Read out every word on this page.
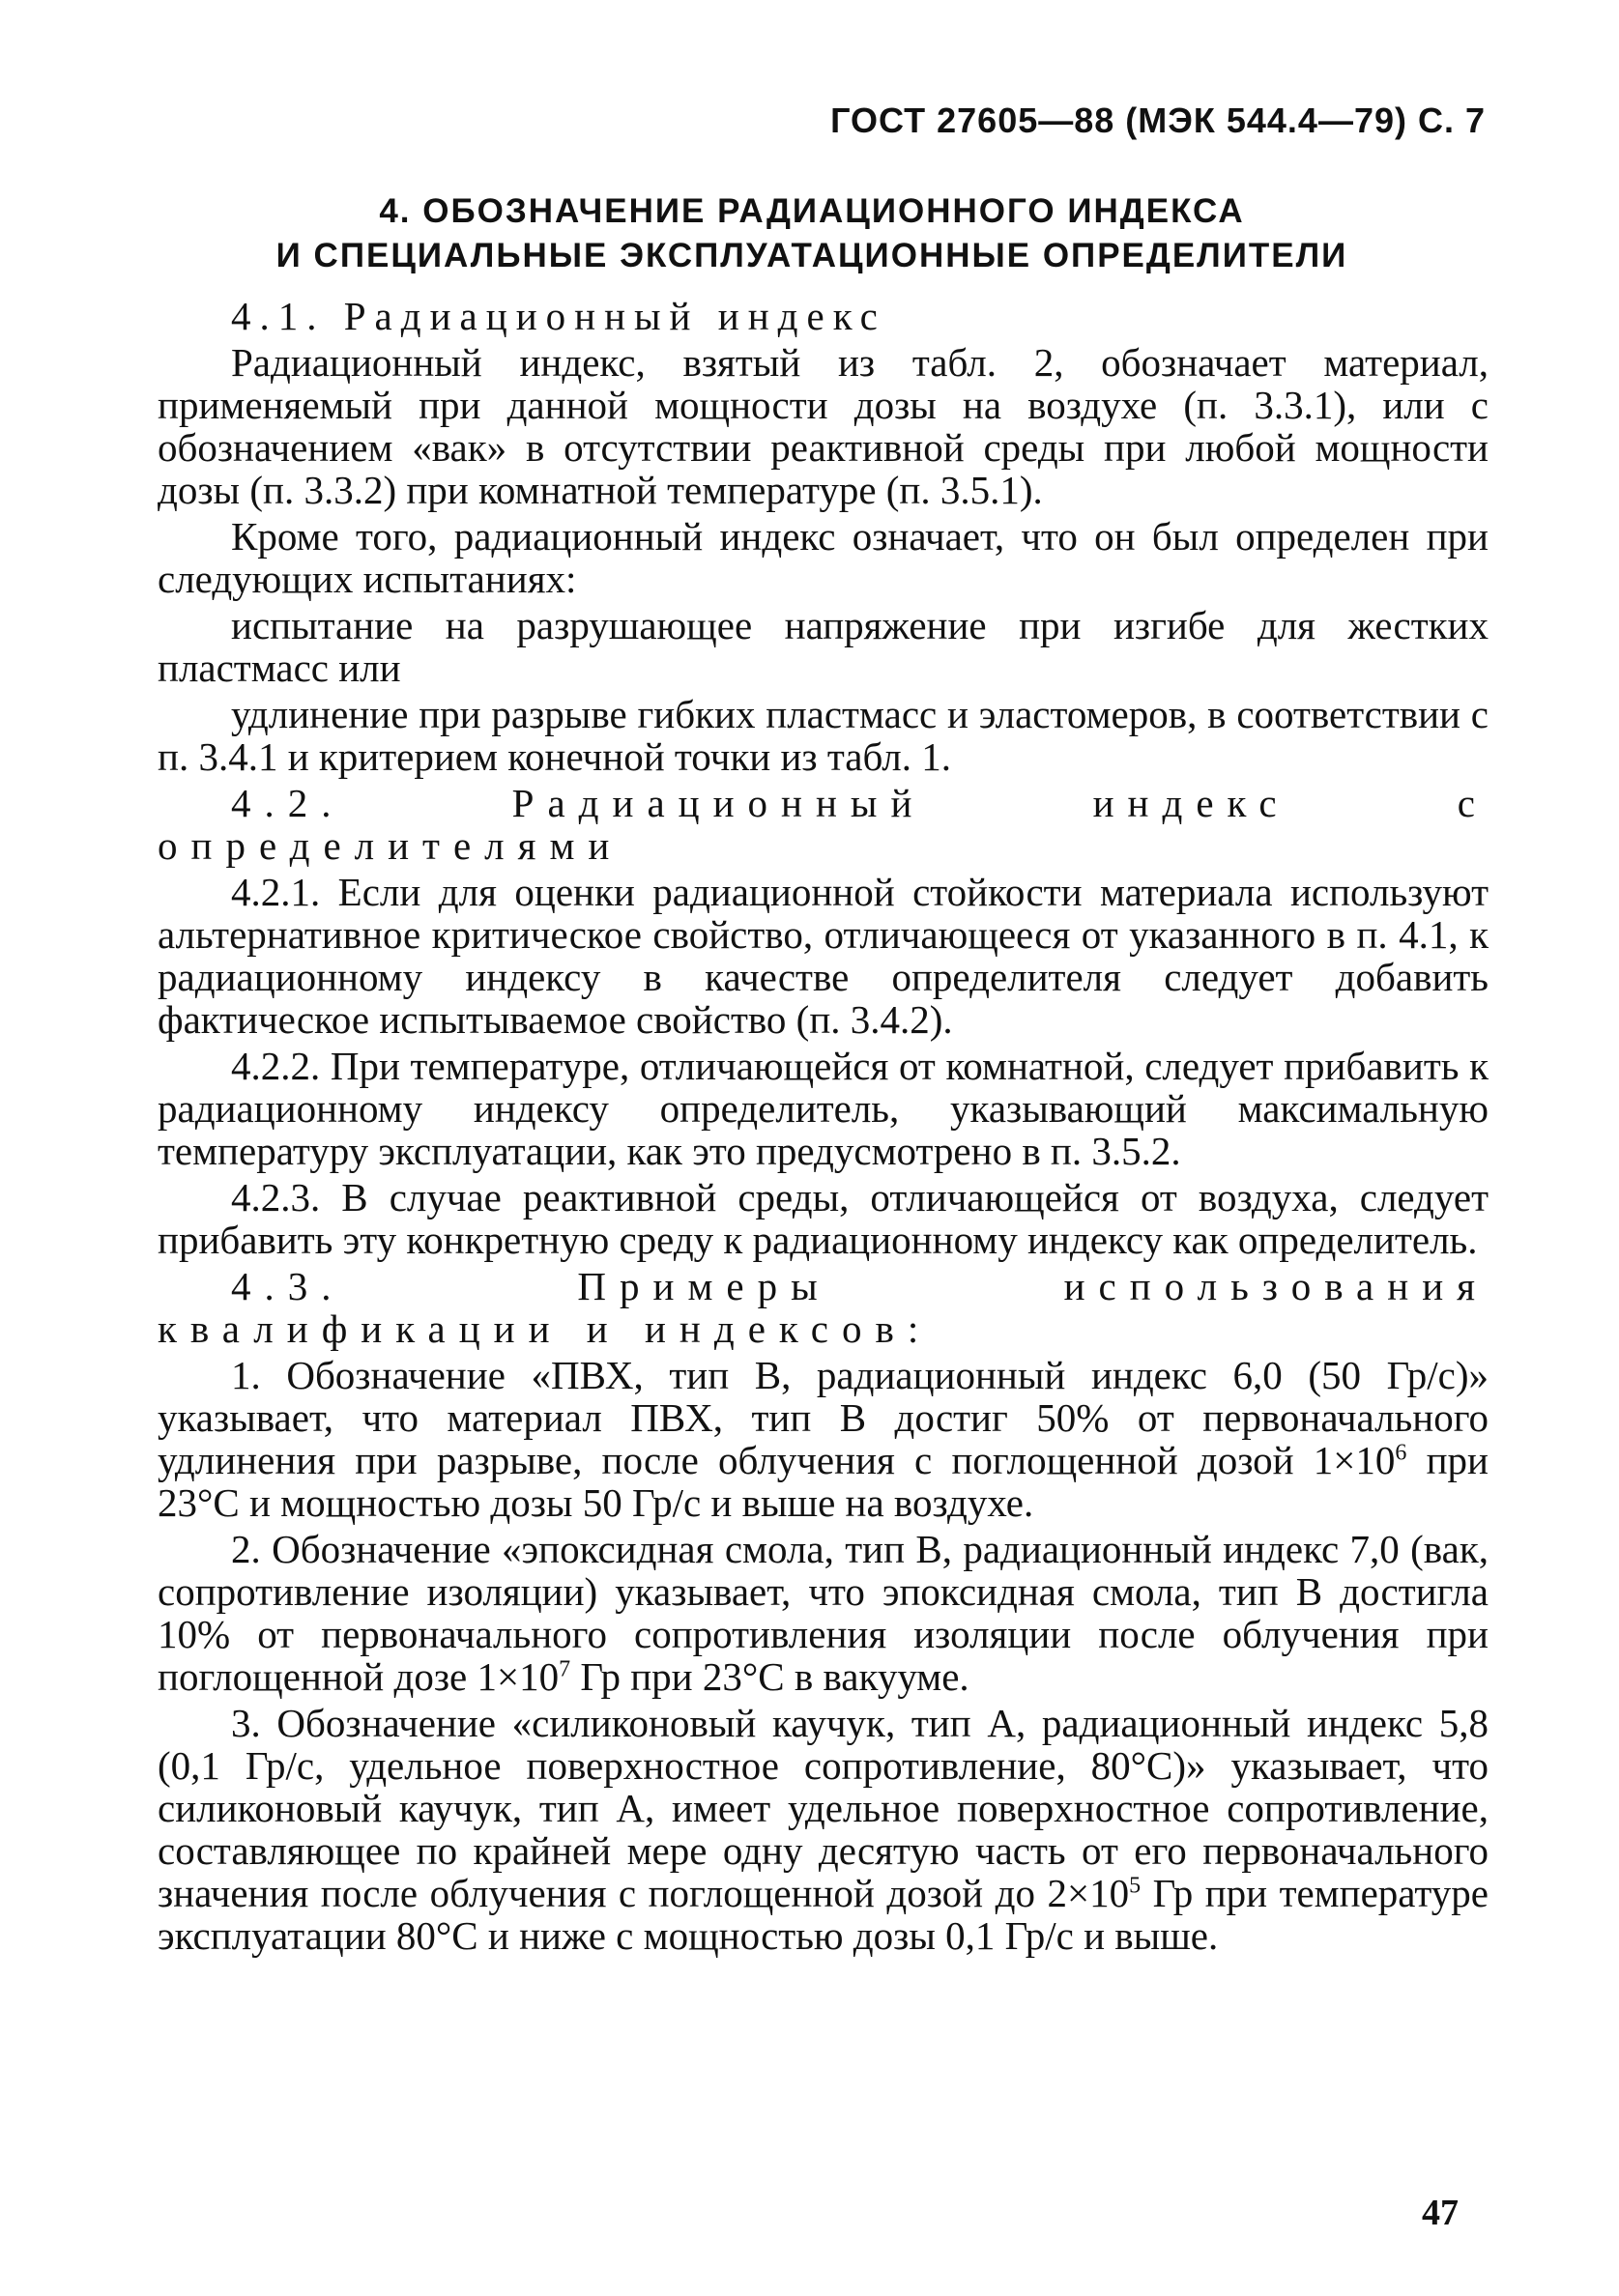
ГОСТ 27605—88 (МЭК 544.4—79) С. 7
4. ОБОЗНАЧЕНИЕ РАДИАЦИОННОГО ИНДЕКСА
И СПЕЦИАЛЬНЫЕ ЭКСПЛУАТАЦИОННЫЕ ОПРЕДЕЛИТЕЛИ

4.1. Радиационный индекс

Радиационный индекс, взятый из табл. 2, обозначает материал, применяемый при данной мощности дозы на воздухе (п. 3.3.1), или с обозначением «вак» в отсутствии реактивной среды при любой мощности дозы (п. 3.3.2) при комнатной температуре (п. 3.5.1).

Кроме того, радиационный индекс означает, что он был определен при следующих испытаниях:

испытание на разрушающее напряжение при изгибе для жестких пластмасс или

удлинение при разрыве гибких пластмасс и эластомеров, в соответствии с п. 3.4.1 и критерием конечной точки из табл. 1.

4.2. Радиационный индекс с определителями

4.2.1. Если для оценки радиационной стойкости материала используют альтернативное критическое свойство, отличающееся от указанного в п. 4.1, к радиационному индексу в качестве определителя следует добавить фактическое испытываемое свойство (п. 3.4.2).

4.2.2. При температуре, отличающейся от комнатной, следует прибавить к радиационному индексу определитель, указывающий максимальную температуру эксплуатации, как это предусмотрено в п. 3.5.2.

4.2.3. В случае реактивной среды, отличающейся от воздуха, следует прибавить эту конкретную среду к радиационному индексу как определитель.

4.3. Примеры использования квалификации и индексов:

1. Обозначение «ПВХ, тип В, радиационный индекс 6,0 (50 Гр/с)» указывает, что материал ПВХ, тип В достиг 50% от первоначального удлинения при разрыве, после облучения с поглощенной дозой $1\times 10^6$ при 23°С и мощностью дозы 50 Гр/с и выше на воздухе.

2. Обозначение «эпоксидная смола, тип В, радиационный индекс 7,0 (вак, сопротивление изоляции) указывает, что эпоксидная смола, тип В достигла 10% от первоначального сопротивления изоляции после облучения при поглощенной дозе $1\times 10^7$ Гр при 23°С в вакууме.

3. Обозначение «силиконовый каучук, тип А, радиационный индекс 5,8 (0,1 Гр/с, удельное поверхностное сопротивление, 80°С)» указывает, что силиконовый каучук, тип А, имеет удельное поверхностное сопротивление, составляющее по крайней мере одну десятую часть от его первоначального значения после облучения с поглощенной дозой до $2\times 10^5$ Гр при температуре эксплуатации 80°С и ниже с мощностью дозы 0,1 Гр/с и выше.

47
